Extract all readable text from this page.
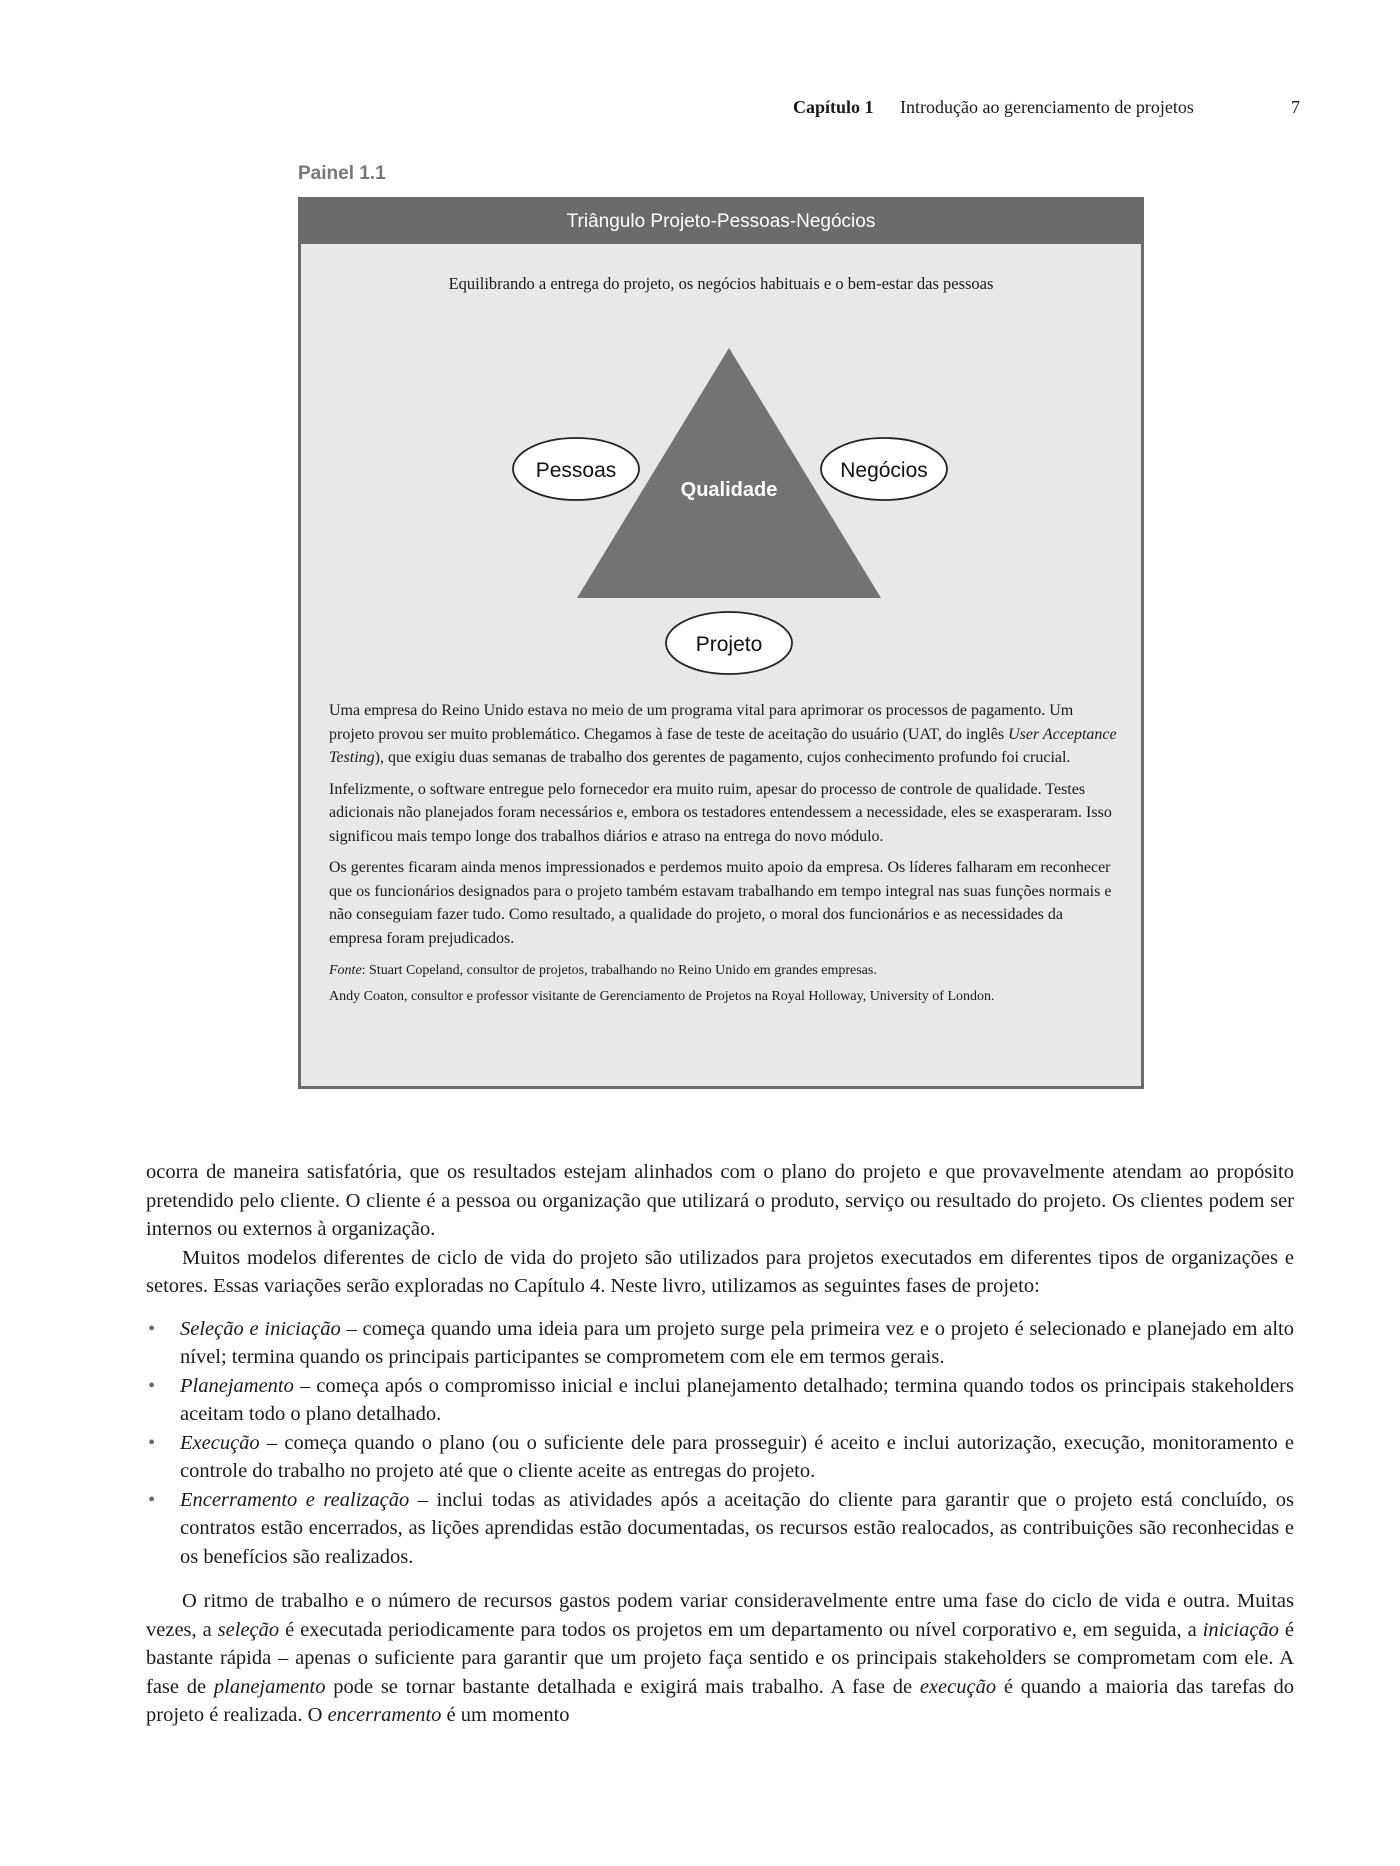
Capítulo 1 Introdução ao gerenciamento de projetos	7
Painel 1.1
Triângulo Projeto-Pessoas-Negócios
Equilibrando a entrega do projeto, os negócios habituais e o bem-estar das pessoas
Qualidade
Pessoas	Negócios
Projeto

Uma empresa do Reino Unido estava no meio de um programa vital para aprimorar os processos de pagamento. Um projeto provou ser muito problemático. Chegamos à fase de teste de aceitação do usuário (UAT, do inglês User Acceptance Testing), que exigiu duas semanas de trabalho dos gerentes de pagamento, cujos conhecimento profundo foi crucial.

Infelizmente, o software entregue pelo fornecedor era muito ruim, apesar do processo de controle de qualidade. Testes adicionais não planejados foram necessários e, embora os testadores entendessem a necessidade, eles se exasperaram. Isso significou mais tempo longe dos trabalhos diários e atraso na entrega do novo módulo.

Os gerentes ficaram ainda menos impressionados e perdemos muito apoio da empresa. Os líderes falharam em reconhecer que os funcionários designados para o projeto também estavam trabalhando em tempo integral nas suas funções normais e não conseguiam fazer tudo. Como resultado, a qualidade do projeto, o moral dos funcionários e as necessidades da empresa foram prejudicados.

Fonte: Stuart Copeland, consultor de projetos, trabalhando no Reino Unido em grandes empresas.

Andy Coaton, consultor e professor visitante de Gerenciamento de Projetos na Royal Holloway, University of London.

ocorra de maneira satisfatória, que os resultados estejam alinhados com o plano do projeto e que provavelmente atendam ao propósito pretendido pelo cliente. O cliente é a pessoa ou organização que utilizará o produto, serviço ou resultado do projeto. Os clientes podem ser internos ou externos à organização.

Muitos modelos diferentes de ciclo de vida do projeto são utilizados para projetos executados em diferentes tipos de organizações e setores. Essas variações serão exploradas no Capítulo 4. Neste livro, utilizamos as seguintes fases de projeto:

• Seleção e iniciação – começa quando uma ideia para um projeto surge pela primeira vez e o projeto é selecionado e planejado em alto nível; termina quando os principais participantes se comprometem com ele em termos gerais.
• Planejamento – começa após o compromisso inicial e inclui planejamento detalhado; termina quando todos os principais stakeholders aceitam todo o plano detalhado.
• Execução – começa quando o plano (ou o suficiente dele para prosseguir) é aceito e inclui autorização, execução, monitoramento e controle do trabalho no projeto até que o cliente aceite as entregas do projeto.
• Encerramento e realização – inclui todas as atividades após a aceitação do cliente para garantir que o projeto está concluído, os contratos estão encerrados, as lições aprendidas estão documentadas, os recursos estão realocados, as contribuições são reconhecidas e os benefícios são realizados.

O ritmo de trabalho e o número de recursos gastos podem variar consideravelmente entre uma fase do ciclo de vida e outra. Muitas vezes, a seleção é executada periodicamente para todos os projetos em um departamento ou nível corporativo e, em seguida, a iniciação é bastante rápida – apenas o suficiente para garantir que um projeto faça sentido e os principais stakeholders se comprometam com ele. A fase de planejamento pode se tornar bastante detalhada e exigirá mais trabalho. A fase de execução é quando a maioria das tarefas do projeto é realizada. O encerramento é um momento
